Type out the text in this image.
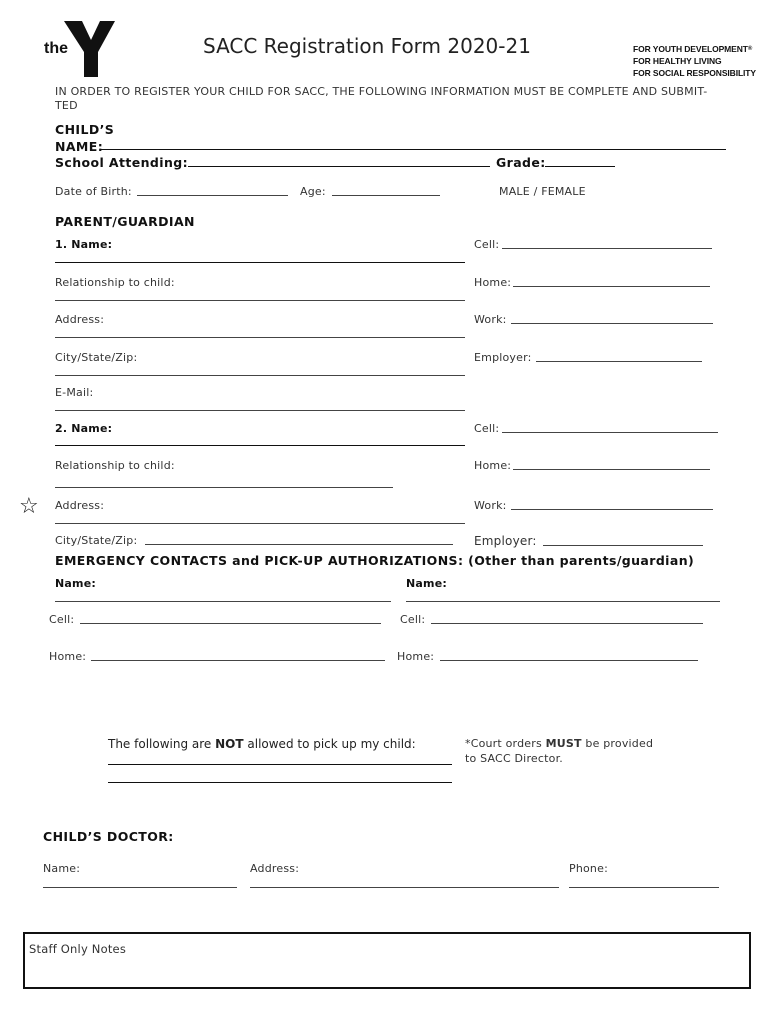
the
YMCA
SACC Registration Form 2020-21	FOR YOUTH DEVELOPMENT®
FOR HEALTHY LIVING
FOR SOCIAL RESPONSIBILITY
IN ORDER TO REGISTER YOUR CHILD FOR SACC, THE FOLLOWING INFORMATION MUST BE COMPLETE AND SUBMIT-
TED
CHILD’S
NAME:
School Attending:	Grade:
Date of Birth:	Age:	MALE / FEMALE
PARENT/GUARDIAN
1. Name:	Cell:
Relationship to child:	Home:
Address:	Work:
City/State/Zip:	Employer:
E-Mail:
2. Name:	Cell:
Relationship to child:	Home:
☆ Address:	Work:
City/State/Zip:	Employer:
EMERGENCY CONTACTS and PICK-UP AUTHORIZATIONS: (Other than parents/guardian)
Name:	Name:
Cell:	Cell:
Home:	Home:
The following are NOT allowed to pick up my child:	*Court orders MUST be provided
to SACC Director.
CHILD’S DOCTOR:
Name:	Address:	Phone:
Staff Only Notes
